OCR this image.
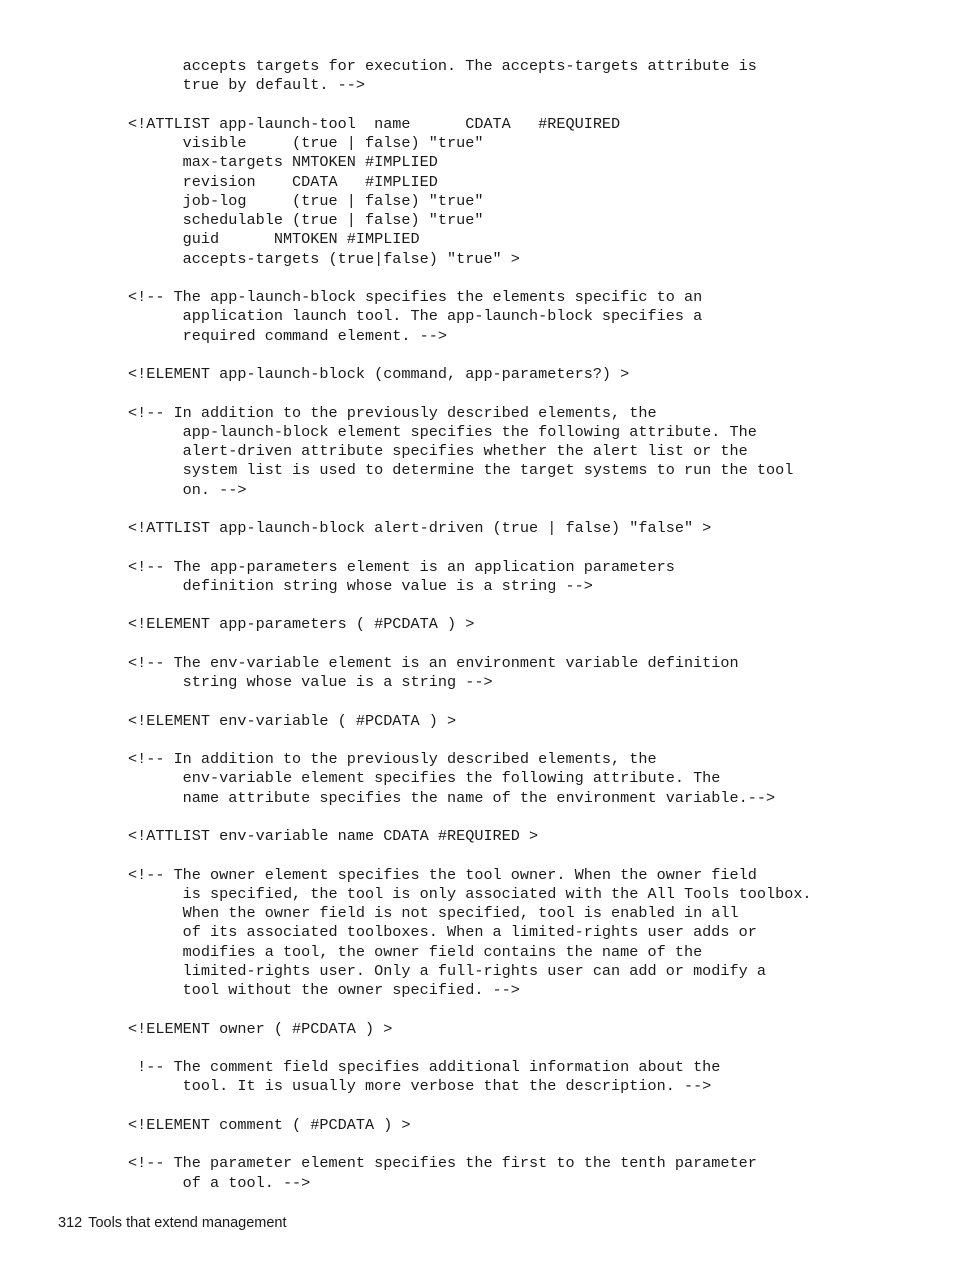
accepts targets for execution. The accepts-targets attribute is
true by default. -->
<!ATTLIST app-launch-tool  name      CDATA   #REQUIRED
visible     (true | false) "true"
max-targets NMTOKEN #IMPLIED
revision    CDATA   #IMPLIED
job-log     (true | false) "true"
schedulable (true | false) "true"
guid      NMTOKEN #IMPLIED
accepts-targets (true|false) "true" >
<!-- The app-launch-block specifies the elements specific to an
application launch tool. The app-launch-block specifies a
required command element. -->
<!ELEMENT app-launch-block (command, app-parameters?) >
<!-- In addition to the previously described elements, the
app-launch-block element specifies the following attribute. The
alert-driven attribute specifies whether the alert list or the
system list is used to determine the target systems to run the tool
on. -->
<!ATTLIST app-launch-block alert-driven (true | false) "false" >
<!-- The app-parameters element is an application parameters
definition string whose value is a string -->
<!ELEMENT app-parameters ( #PCDATA ) >
<!-- The env-variable element is an environment variable definition
string whose value is a string -->
<!ELEMENT env-variable ( #PCDATA ) >
<!-- In addition to the previously described elements, the
env-variable element specifies the following attribute. The
name attribute specifies the name of the environment variable.-->
<!ATTLIST env-variable name CDATA #REQUIRED >
<!-- The owner element specifies the tool owner. When the owner field
is specified, the tool is only associated with the All Tools toolbox.
When the owner field is not specified, tool is enabled in all
of its associated toolboxes. When a limited-rights user adds or
modifies a tool, the owner field contains the name of the
limited-rights user. Only a full-rights user can add or modify a
tool without the owner specified. -->
<!ELEMENT owner ( #PCDATA ) >
!-- The comment field specifies additional information about the
tool. It is usually more verbose that the description. -->
<!ELEMENT comment ( #PCDATA ) >
<!-- The parameter element specifies the first to the tenth parameter
of a tool. -->
312 Tools that extend management
